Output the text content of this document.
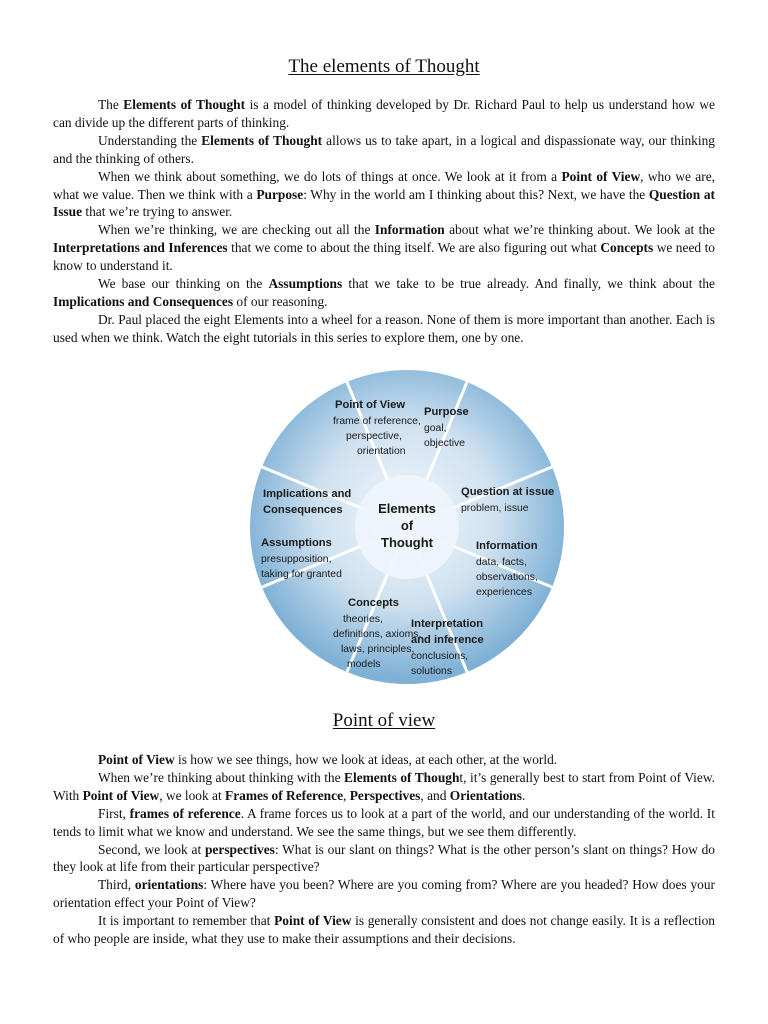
The elements of Thought

The Elements of Thought is a model of thinking developed by Dr. Richard Paul to help us understand how we can divide up the different parts of thinking.

Understanding the Elements of Thought allows us to take apart, in a logical and dispassionate way, our thinking and the thinking of others.

When we think about something, we do lots of things at once. We look at it from a Point of View, who we are, what we value. Then we think with a Purpose: Why in the world am I thinking about this? Next, we have the Question at Issue that we’re trying to answer.

When we’re thinking, we are checking out all the Information about what we’re thinking about. We look at the Interpretations and Inferences that we come to about the thing itself. We are also figuring out what Concepts we need to know to understand it.

We base our thinking on the Assumptions that we take to be true already. And finally, we think about the Implications and Consequences of our reasoning.

Dr. Paul placed the eight Elements into a wheel for a reason. None of them is more important than another. Each is used when we think. Watch the eight tutorials in this series to explore them, one by one.

Point of View
frame of reference,
perspective,
orientation
Purpose
goal,
objective
Question at issue
problem, issue
Information
data, facts,
observations,
experiences
Interpretation
and inference
conclusions,
solutions
Concepts
theories,
definitions, axioms,
laws, principles,
models
Assumptions
presupposition,
taking for granted
Implications and
Consequences	Elements
of
Thought
Point of view

Point of View is how we see things, how we look at ideas, at each other, at the world.

When we’re thinking about thinking with the Elements of Thought, it’s generally best to start from Point of View. With Point of View, we look at Frames of Reference, Perspectives, and Orientations.

First, frames of reference. A frame forces us to look at a part of the world, and our understanding of the world. It tends to limit what we know and understand. We see the same things, but we see them differently.

Second, we look at perspectives: What is our slant on things? What is the other person’s slant on things? How do they look at life from their particular perspective?

Third, orientations: Where have you been? Where are you coming from? Where are you headed? How does your orientation effect your Point of View?

It is important to remember that Point of View is generally consistent and does not change easily. It is a reflection of who people are inside, what they use to make their assumptions and their decisions.
